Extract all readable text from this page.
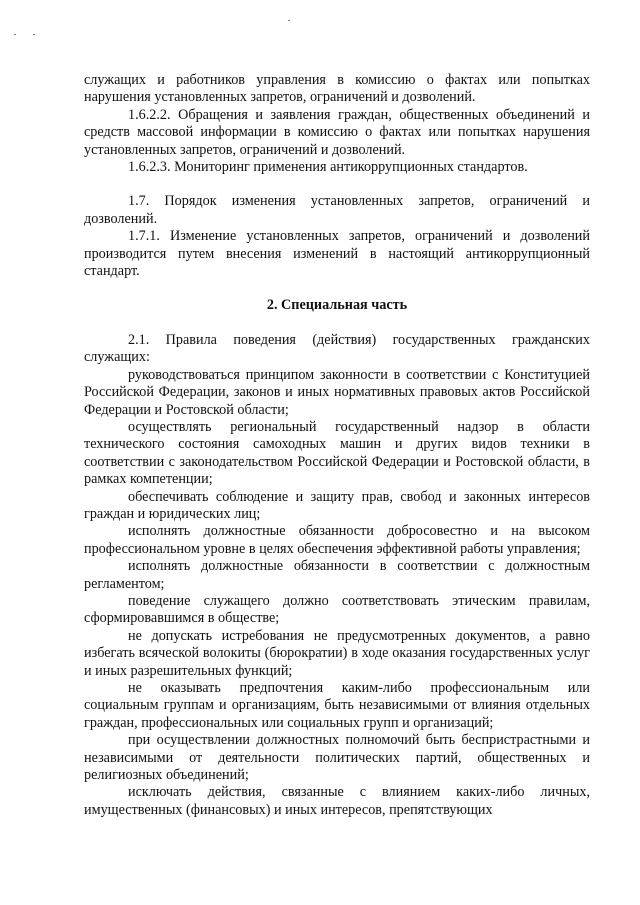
служащих и работников управления в комиссию о фактах или попытках нарушения установленных запретов, ограничений и дозволений.

1.6.2.2. Обращения и заявления граждан, общественных объединений и средств массовой информации в комиссию о фактах или попытках нарушения установленных запретов, ограничений и дозволений.

1.6.2.3. Мониторинг применения антикоррупционных стандартов.

1.7. Порядок изменения установленных запретов, ограничений и дозволений.

1.7.1. Изменение установленных запретов, ограничений и дозволений производится путем внесения изменений в настоящий антикоррупционный стандарт.

2. Специальная часть

2.1. Правила поведения (действия) государственных гражданских служащих:

руководствоваться принципом законности в соответствии с Конституцией Российской Федерации, законов и иных нормативных правовых актов Российской Федерации и Ростовской области;

осуществлять региональный государственный надзор в области технического состояния самоходных машин и других видов техники в соответствии с законодательством Российской Федерации и Ростовской области, в рамках компетенции;

обеспечивать соблюдение и защиту прав, свобод и законных интересов граждан и юридических лиц;

исполнять должностные обязанности добросовестно и на высоком профессиональном уровне в целях обеспечения эффективной работы управления;

исполнять должностные обязанности в соответствии с должностным регламентом;

поведение служащего должно соответствовать этическим правилам, сформировавшимся в обществе;

не допускать истребования не предусмотренных документов, а равно избегать всяческой волокиты (бюрократии) в ходе оказания государственных услуг и иных разрешительных функций;

не оказывать предпочтения каким-либо профессиональным или социальным группам и организациям, быть независимыми от влияния отдельных граждан, профессиональных или социальных групп и организаций;

при осуществлении должностных полномочий быть беспристрастными и независимыми от деятельности политических партий, общественных и религиозных объединений;

исключать действия, связанные с влиянием каких-либо личных, имущественных (финансовых) и иных интересов, препятствующих
